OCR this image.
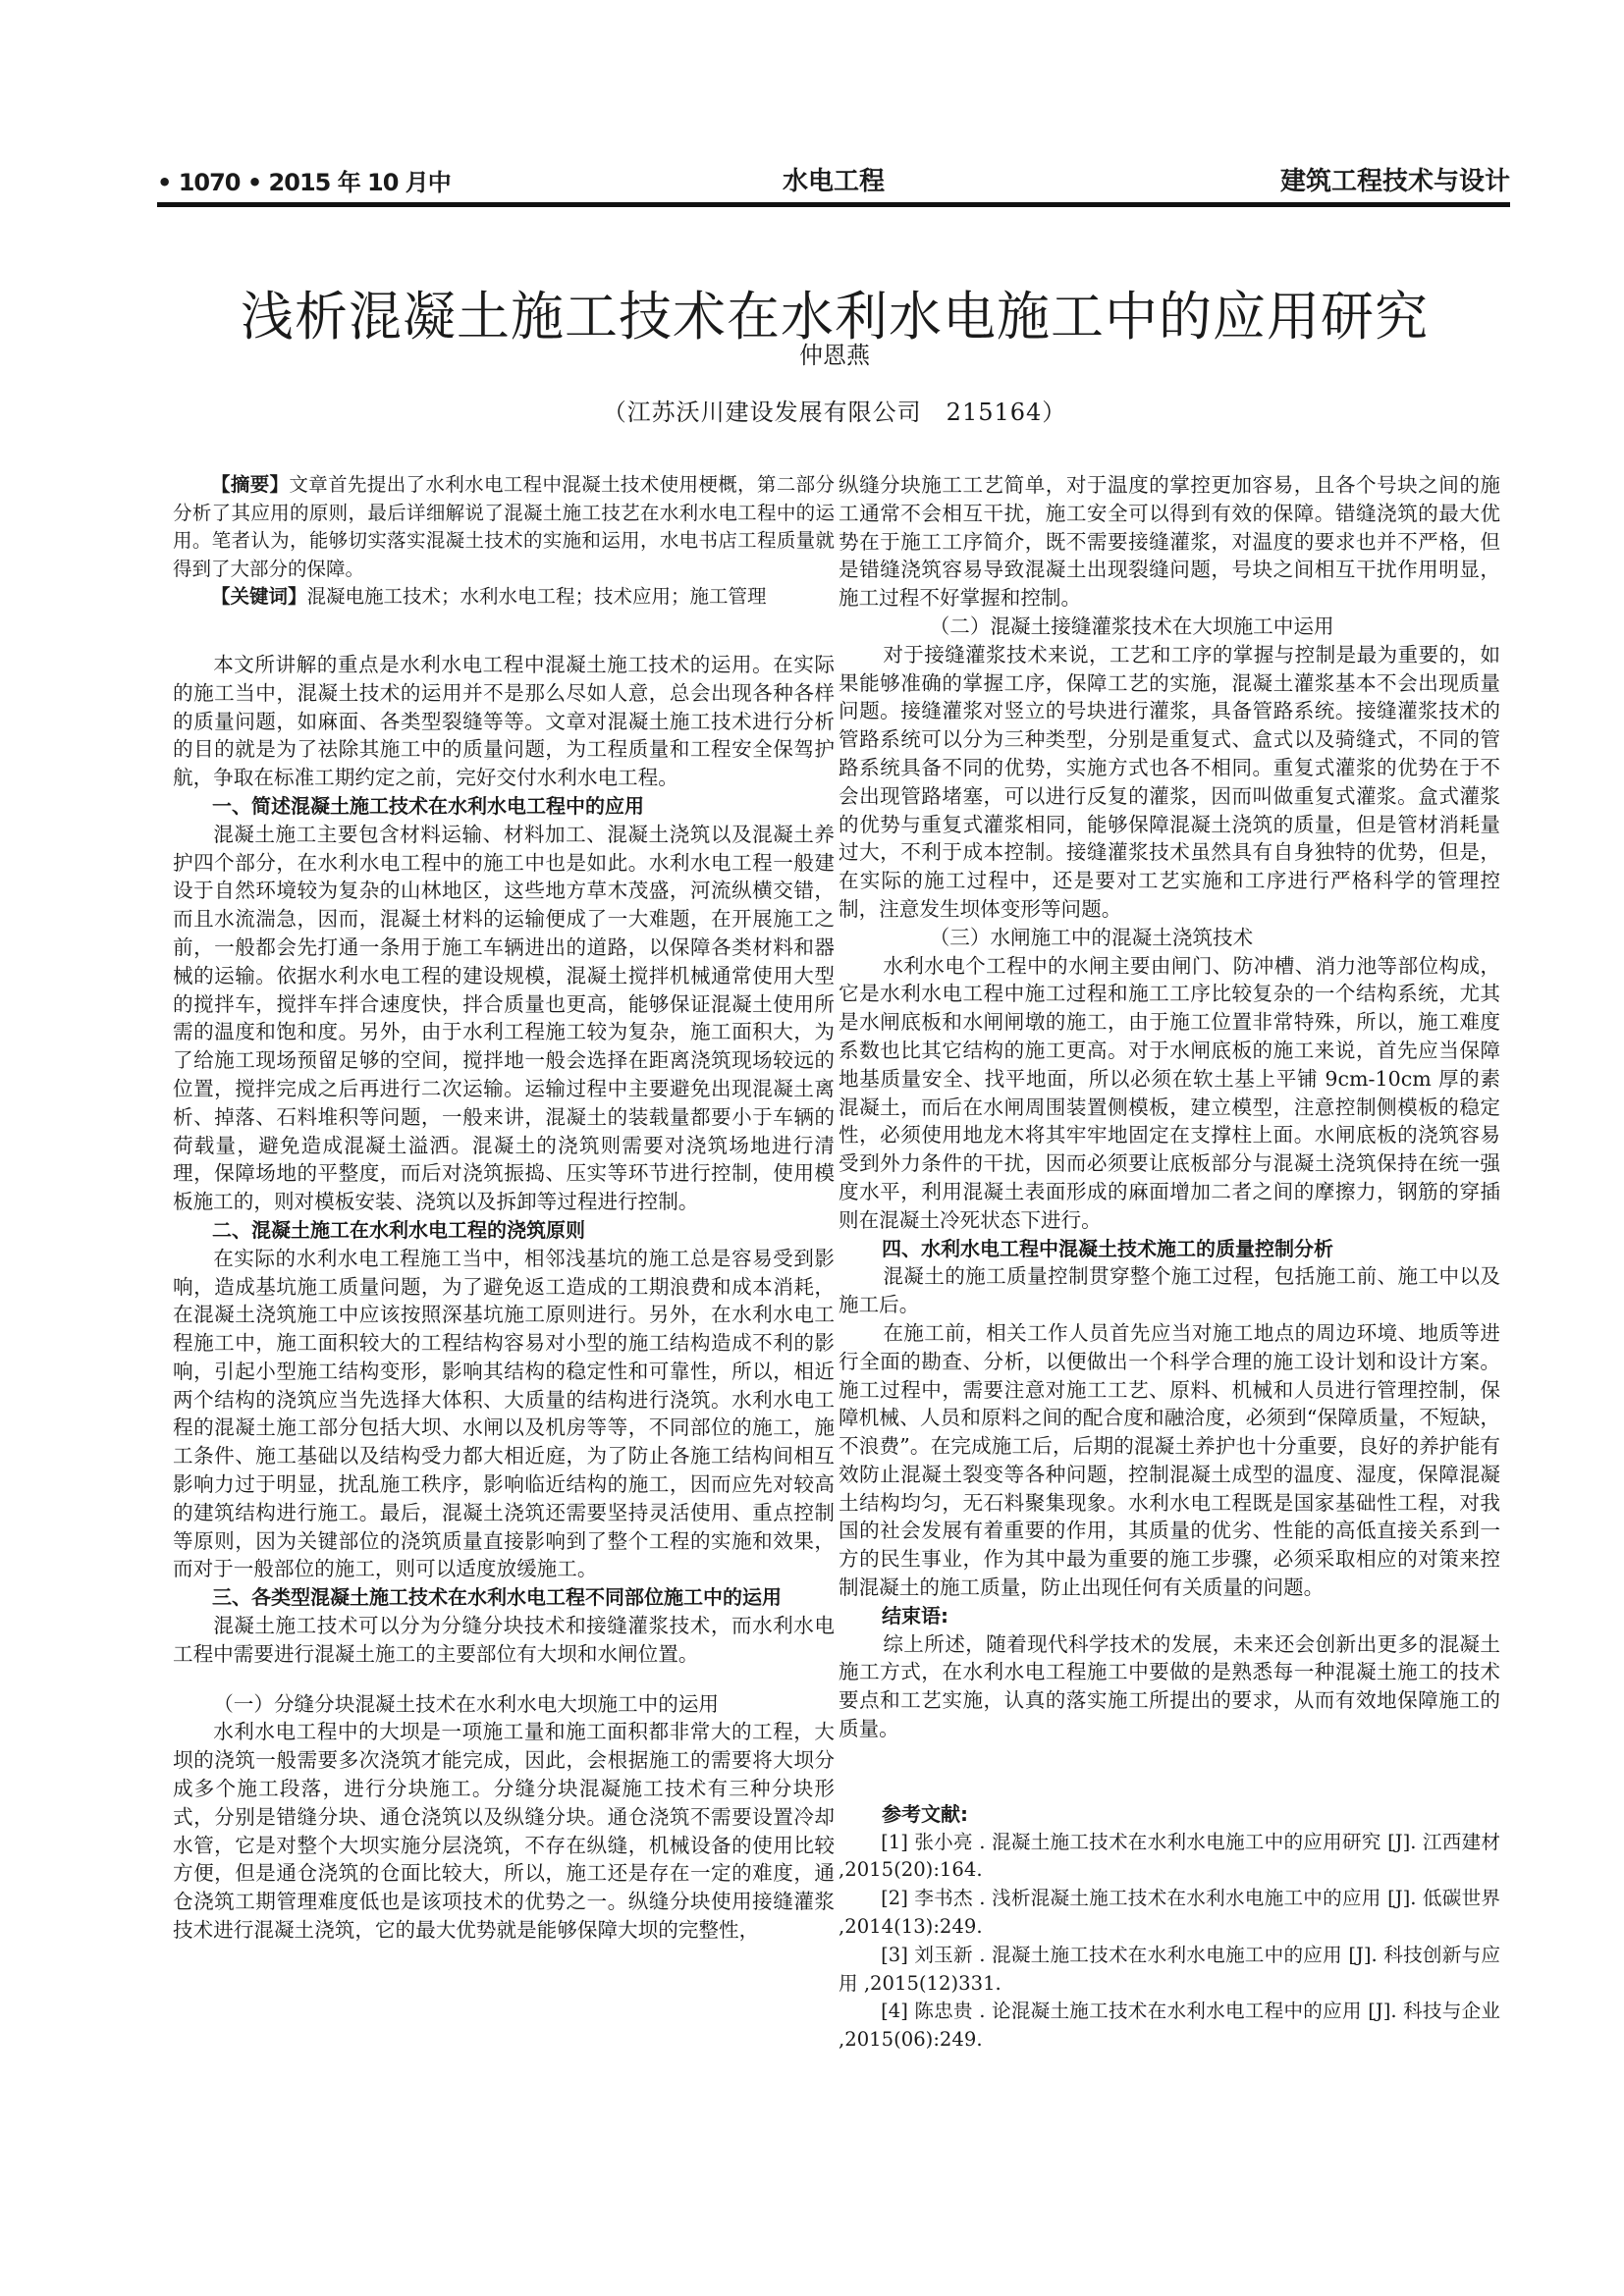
• 1070 • 2015 年 10 月中	水电工程	建筑工程技术与设计
浅析混凝土施工技术在水利水电施工中的应用研究
仲恩燕
（江苏沃川建设发展有限公司　215164）

【摘要】文章首先提出了水利水电工程中混凝土技术使用梗概，第二部分分析了其应用的原则，最后详细解说了混凝土施工技艺在水利水电工程中的运用。笔者认为，能够切实落实混凝土技术的实施和运用，水电书店工程质量就得到了大部分的保障。

【关键词】混凝电施工技术；水利水电工程；技术应用；施工管理

本文所讲解的重点是水利水电工程中混凝土施工技术的运用。在实际的施工当中，混凝土技术的运用并不是那么尽如人意，总会出现各种各样的质量问题，如麻面、各类型裂缝等等。文章对混凝土施工技术进行分析的目的就是为了祛除其施工中的质量问题，为工程质量和工程安全保驾护航，争取在标准工期约定之前，完好交付水利水电工程。

一、简述混凝土施工技术在水利水电工程中的应用

混凝土施工主要包含材料运输、材料加工、混凝土浇筑以及混凝土养护四个部分，在水利水电工程中的施工中也是如此。水利水电工程一般建设于自然环境较为复杂的山林地区，这些地方草木茂盛，河流纵横交错，而且水流湍急，因而，混凝土材料的运输便成了一大难题，在开展施工之前，一般都会先打通一条用于施工车辆进出的道路，以保障各类材料和器械的运输。依据水利水电工程的建设规模，混凝土搅拌机械通常使用大型的搅拌车，搅拌车拌合速度快，拌合质量也更高，能够保证混凝土使用所需的温度和饱和度。另外，由于水利工程施工较为复杂，施工面积大，为了给施工现场预留足够的空间，搅拌地一般会选择在距离浇筑现场较远的位置，搅拌完成之后再进行二次运输。运输过程中主要避免出现混凝土离析、掉落、石料堆积等问题，一般来讲，混凝土的装载量都要小于车辆的荷载量，避免造成混凝土溢洒。混凝土的浇筑则需要对浇筑场地进行清理，保障场地的平整度，而后对浇筑振捣、压实等环节进行控制，使用模板施工的，则对模板安装、浇筑以及拆卸等过程进行控制。

二、混凝土施工在水利水电工程的浇筑原则

在实际的水利水电工程施工当中，相邻浅基坑的施工总是容易受到影响，造成基坑施工质量问题，为了避免返工造成的工期浪费和成本消耗，在混凝土浇筑施工中应该按照深基坑施工原则进行。另外，在水利水电工程施工中，施工面积较大的工程结构容易对小型的施工结构造成不利的影响，引起小型施工结构变形，影响其结构的稳定性和可靠性，所以，相近两个结构的浇筑应当先选择大体积、大质量的结构进行浇筑。水利水电工程的混凝土施工部分包括大坝、水闸以及机房等等，不同部位的施工，施工条件、施工基础以及结构受力都大相近庭，为了防止各施工结构间相互影响力过于明显，扰乱施工秩序，影响临近结构的施工，因而应先对较高的建筑结构进行施工。最后，混凝土浇筑还需要坚持灵活使用、重点控制等原则，因为关键部位的浇筑质量直接影响到了整个工程的实施和效果，而对于一般部位的施工，则可以适度放缓施工。

三、各类型混凝土施工技术在水利水电工程不同部位施工中的运用

混凝土施工技术可以分为分缝分块技术和接缝灌浆技术，而水利水电工程中需要进行混凝土施工的主要部位有大坝和水闸位置。

（一）分缝分块混凝土技术在水利水电大坝施工中的运用

水利水电工程中的大坝是一项施工量和施工面积都非常大的工程，大坝的浇筑一般需要多次浇筑才能完成，因此，会根据施工的需要将大坝分成多个施工段落，进行分块施工。分缝分块混凝施工技术有三种分块形式，分别是错缝分块、通仓浇筑以及纵缝分块。通仓浇筑不需要设置冷却水管，它是对整个大坝实施分层浇筑，不存在纵缝，机械设备的使用比较方便，但是通仓浇筑的仓面比较大，所以，施工还是存在一定的难度，通仓浇筑工期管理难度低也是该项技术的优势之一。纵缝分块使用接缝灌浆技术进行混凝土浇筑，它的最大优势就是能够保障大坝的完整性，

纵缝分块施工工艺简单，对于温度的掌控更加容易，且各个号块之间的施工通常不会相互干扰，施工安全可以得到有效的保障。错缝浇筑的最大优势在于施工工序简介，既不需要接缝灌浆，对温度的要求也并不严格，但是错缝浇筑容易导致混凝土出现裂缝问题，号块之间相互干扰作用明显，施工过程不好掌握和控制。

（二）混凝土接缝灌浆技术在大坝施工中运用

对于接缝灌浆技术来说，工艺和工序的掌握与控制是最为重要的，如果能够准确的掌握工序，保障工艺的实施，混凝土灌浆基本不会出现质量问题。接缝灌浆对竖立的号块进行灌浆，具备管路系统。接缝灌浆技术的管路系统可以分为三种类型，分别是重复式、盒式以及骑缝式，不同的管路系统具备不同的优势，实施方式也各不相同。重复式灌浆的优势在于不会出现管路堵塞，可以进行反复的灌浆，因而叫做重复式灌浆。盒式灌浆的优势与重复式灌浆相同，能够保障混凝土浇筑的质量，但是管材消耗量过大，不利于成本控制。接缝灌浆技术虽然具有自身独特的优势，但是，在实际的施工过程中，还是要对工艺实施和工序进行严格科学的管理控制，注意发生坝体变形等问题。

（三）水闸施工中的混凝土浇筑技术

水利水电个工程中的水闸主要由闸门、防冲槽、消力池等部位构成，它是水利水电工程中施工过程和施工工序比较复杂的一个结构系统，尤其是水闸底板和水闸闸墩的施工，由于施工位置非常特殊，所以，施工难度系数也比其它结构的施工更高。对于水闸底板的施工来说，首先应当保障地基质量安全、找平地面，所以必须在软土基上平铺 9cm-10cm 厚的素混凝土，而后在水闸周围装置侧模板，建立模型，注意控制侧模板的稳定性，必须使用地龙木将其牢牢地固定在支撑柱上面。水闸底板的浇筑容易受到外力条件的干扰，因而必须要让底板部分与混凝土浇筑保持在统一强度水平，利用混凝土表面形成的麻面增加二者之间的摩擦力，钢筋的穿插则在混凝土冷死状态下进行。

四、水利水电工程中混凝土技术施工的质量控制分析

混凝土的施工质量控制贯穿整个施工过程，包括施工前、施工中以及施工后。

在施工前，相关工作人员首先应当对施工地点的周边环境、地质等进行全面的勘查、分析，以便做出一个科学合理的施工设计划和设计方案。施工过程中，需要注意对施工工艺、原料、机械和人员进行管理控制，保障机械、人员和原料之间的配合度和融洽度，必须到“保障质量，不短缺，不浪费”。在完成施工后，后期的混凝土养护也十分重要，良好的养护能有效防止混凝土裂变等各种问题，控制混凝土成型的温度、湿度，保障混凝土结构均匀，无石料聚集现象。水利水电工程既是国家基础性工程，对我国的社会发展有着重要的作用，其质量的优劣、性能的高低直接关系到一方的民生事业，作为其中最为重要的施工步骤，必须采取相应的对策来控制混凝土的施工质量，防止出现任何有关质量的问题。

结束语:

综上所述，随着现代科学技术的发展，未来还会创新出更多的混凝土施工方式，在水利水电工程施工中要做的是熟悉每一种混凝土施工的技术要点和工艺实施，认真的落实施工所提出的要求，从而有效地保障施工的质量。

参考文献:

[1] 张小亮 . 混凝土施工技术在水利水电施工中的应用研究 [J]. 江西建材 ,2015(20):164.

[2] 李书杰 . 浅析混凝土施工技术在水利水电施工中的应用 [J]. 低碳世界 ,2014(13):249.

[3] 刘玉新 . 混凝土施工技术在水利水电施工中的应用 [J]. 科技创新与应用 ,2015(12)331.

[4] 陈忠贵 . 论混凝土施工技术在水利水电工程中的应用 [J]. 科技与企业 ,2015(06):249.
